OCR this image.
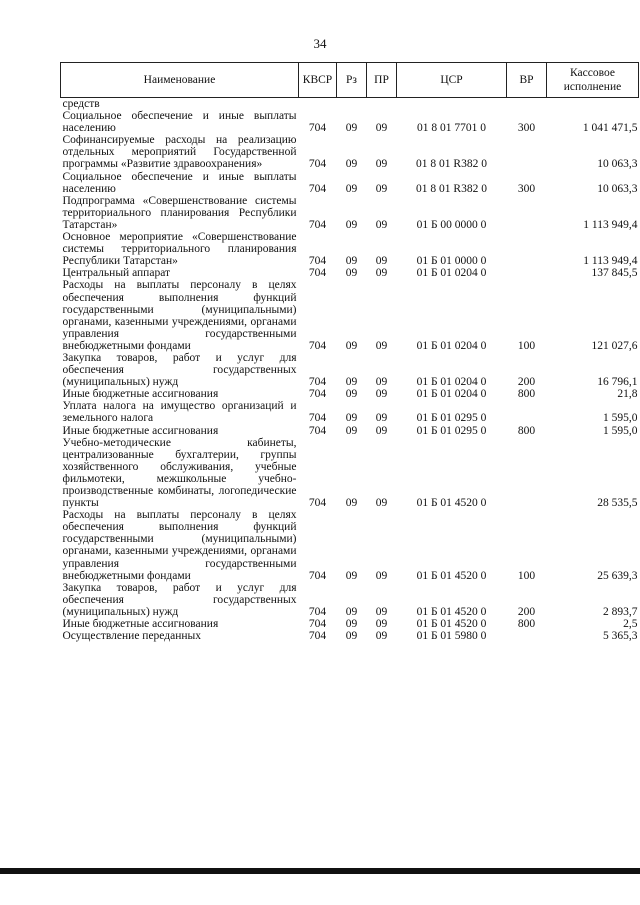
34
Наименование	КВСР	Рз	ПР	ЦСР	ВР	Кассовое исполнение
средств						
Социальное обеспечение и иные выплаты населению	704	09	09	01 8 01 7701 0	300	1 041 471,5
Софинансируемые расходы на реализацию отдельных мероприятий Государственной программы «Развитие здравоохранения»	704	09	09	01 8 01 R382 0		10 063,3
Социальное обеспечение и иные выплаты населению	704	09	09	01 8 01 R382 0	300	10 063,3
Подпрограмма «Совершенствование системы территориального планирования Республики Татарстан»	704	09	09	01 Б 00 0000 0		1 113 949,4
Основное мероприятие «Совершенствование системы территориального планирования Республики Татарстан»	704	09	09	01 Б 01 0000 0		1 113 949,4
Центральный аппарат	704	09	09	01 Б 01 0204 0		137 845,5
Расходы на выплаты персоналу в целях обеспечения выполнения функций государственными (муниципальными) органами, казенными учреждениями, органами управления государственными внебюджетными фондами	704	09	09	01 Б 01 0204 0	100	121 027,6
Закупка товаров, работ и услуг для обеспечения государственных (муниципальных) нужд	704	09	09	01 Б 01 0204 0	200	16 796,1
Иные бюджетные ассигнования	704	09	09	01 Б 01 0204 0	800	21,8
Уплата налога на имущество организаций и земельного налога	704	09	09	01 Б 01 0295 0		1 595,0
Иные бюджетные ассигнования	704	09	09	01 Б 01 0295 0	800	1 595,0
Учебно-методические кабинеты, централизованные бухгалтерии, группы хозяйственного обслуживания, учебные фильмотеки, межшкольные учебно-производственные комбинаты, логопедические пункты	704	09	09	01 Б 01 4520 0		28 535,5
Расходы на выплаты персоналу в целях обеспечения выполнения функций государственными (муниципальными) органами, казенными учреждениями, органами управления государственными внебюджетными фондами	704	09	09	01 Б 01 4520 0	100	25 639,3
Закупка товаров, работ и услуг для обеспечения государственных (муниципальных) нужд	704	09	09	01 Б 01 4520 0	200	2 893,7
Иные бюджетные ассигнования	704	09	09	01 Б 01 4520 0	800	2,5
Осуществление переданных	704	09	09	01 Б 01 5980 0		5 365,3
